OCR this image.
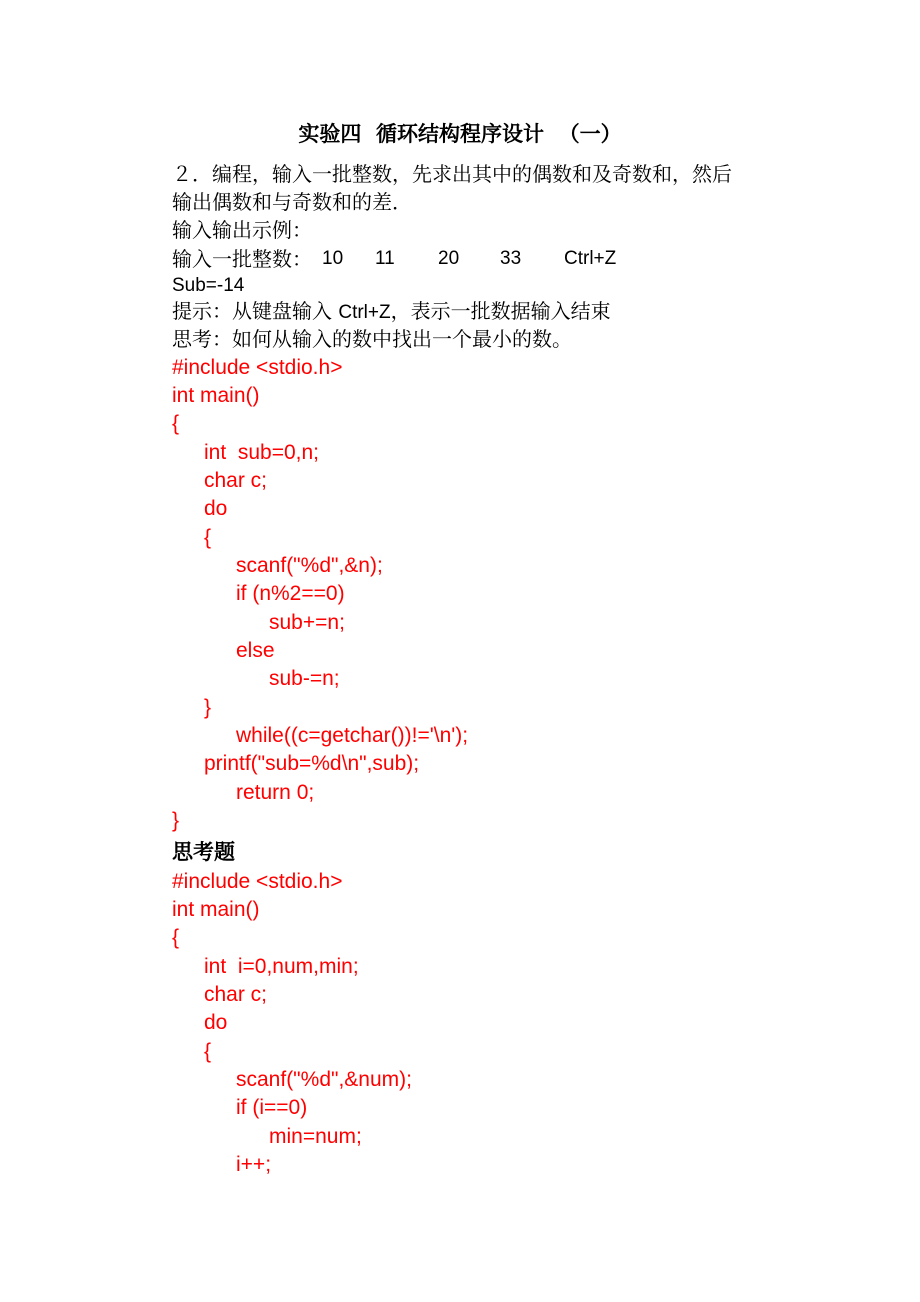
实验四  循环结构程序设计  （一）
２．编程，输入一批整数，先求出其中的偶数和及奇数和，然后
输出偶数和与奇数和的差．
输入输出示例：
输入一批整数： 10 11 20 33 Ctrl+Z
Sub=-14
提示：从键盘输入 Ctrl+Z，表示一批数据输入结束
思考：如何从输入的数中找出一个最小的数。
#include <stdio.h>
int main()
{
int  sub=0,n;
char c;
do
{
scanf("%d",&n);
if (n%2==0)
sub+=n;
else
sub-=n;
}
while((c=getchar())!='\n');
printf("sub=%d\n",sub);
return 0;
}
思考题
#include <stdio.h>
int main()
{
int  i=0,num,min;
char c;
do
{
scanf("%d",&num);
if (i==0)
min=num;
i++;
